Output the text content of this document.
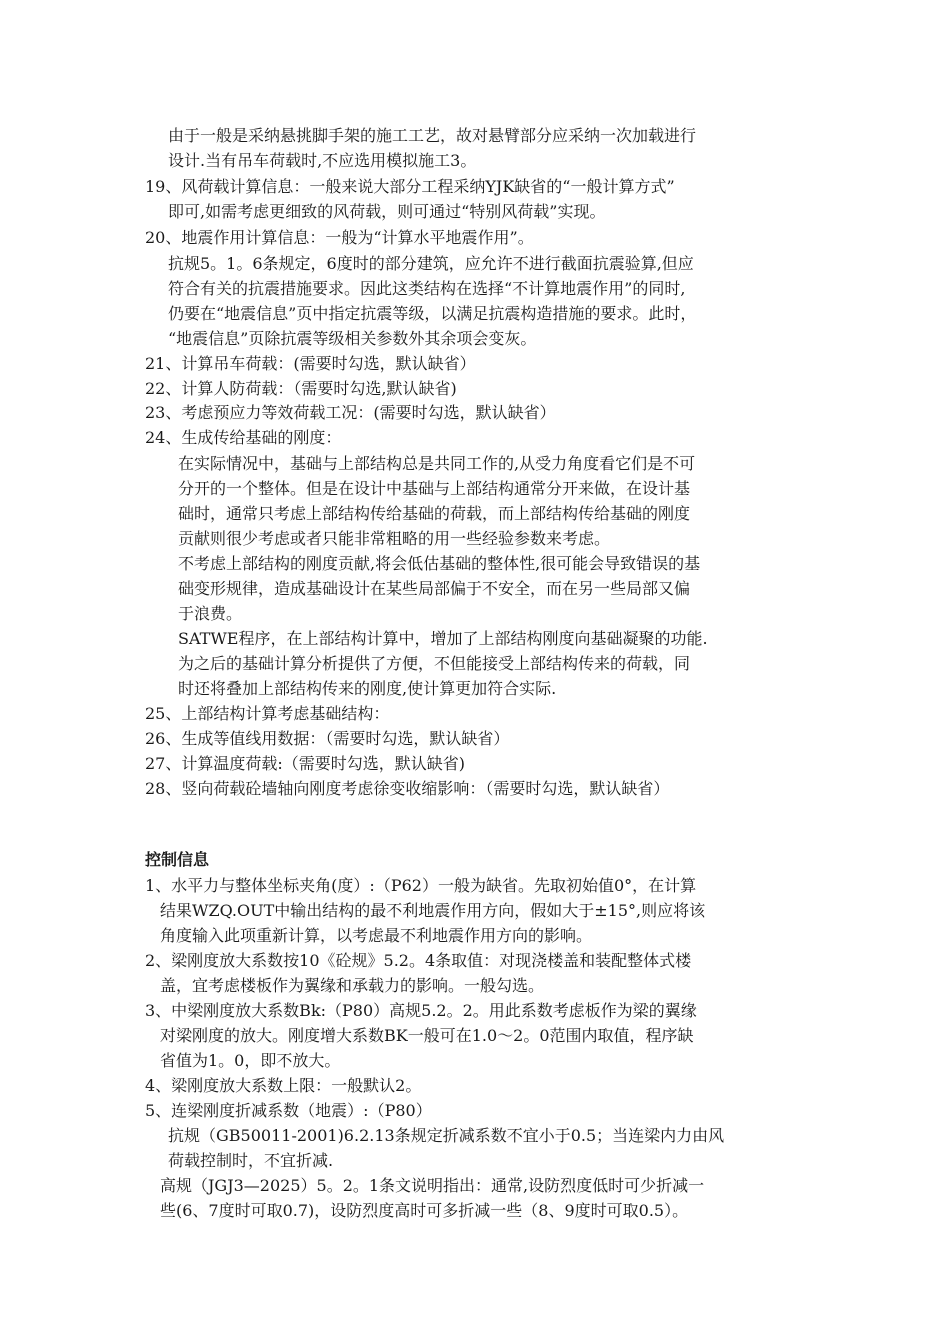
由于一般是采纳悬挑脚手架的施工工艺，故对悬臂部分应采纳一次加载进行
设计.当有吊车荷载时,不应选用模拟施工3。
19、风荷载计算信息：一般来说大部分工程采纳YJK缺省的“一般计算方式”
即可,如需考虑更细致的风荷载，则可通过“特别风荷载”实现。
20、地震作用计算信息：一般为“计算水平地震作用”。
抗规5。1。6条规定，6度时的部分建筑，应允许不进行截面抗震验算,但应
符合有关的抗震措施要求。因此这类结构在选择“不计算地震作用”的同时,
仍要在“地震信息”页中指定抗震等级，以满足抗震构造措施的要求。此时，
“地震信息”页除抗震等级相关参数外其余项会变灰。
21、计算吊车荷载：(需要时勾选，默认缺省）
22、计算人防荷载：（需要时勾选,默认缺省)
23、考虑预应力等效荷载工况：(需要时勾选，默认缺省）
24、生成传给基础的刚度：
在实际情况中，基础与上部结构总是共同工作的,从受力角度看它们是不可
分开的一个整体。但是在设计中基础与上部结构通常分开来做，在设计基
础时，通常只考虑上部结构传给基础的荷载，而上部结构传给基础的刚度
贡献则很少考虑或者只能非常粗略的用一些经验参数来考虑。
不考虑上部结构的刚度贡献,将会低估基础的整体性,很可能会导致错误的基
础变形规律，造成基础设计在某些局部偏于不安全，而在另一些局部又偏
于浪费。
SATWE程序，在上部结构计算中，增加了上部结构刚度向基础凝聚的功能.
为之后的基础计算分析提供了方便，不但能接受上部结构传来的荷载，同
时还将叠加上部结构传来的刚度,使计算更加符合实际.
25、上部结构计算考虑基础结构：
26、生成等值线用数据：（需要时勾选，默认缺省）
27、计算温度荷载:（需要时勾选，默认缺省)
28、竖向荷载砼墙轴向刚度考虑徐变收缩影响：（需要时勾选，默认缺省）
控制信息
1、水平力与整体坐标夹角(度）:（P62）一般为缺省。先取初始值0°，在计算
结果WZQ.OUT中输出结构的最不利地震作用方向，假如大于±15°,则应将该
角度输入此项重新计算，以考虑最不利地震作用方向的影响。
2、梁刚度放大系数按10《砼规》5.2。4条取值：对现浇楼盖和装配整体式楼
盖，宜考虑楼板作为翼缘和承载力的影响。一般勾选。
3、中梁刚度放大系数Bk:（P80）高规5.2。2。用此系数考虑板作为梁的翼缘
对梁刚度的放大。刚度增大系数BK一般可在1.0～2。0范围内取值，程序缺
省值为1。0，即不放大。
4、梁刚度放大系数上限：一般默认2。
5、连梁刚度折减系数（地震）:（P80）
抗规（GB50011-2001)6.2.13条规定折减系数不宜小于0.5；当连梁内力由风
荷载控制时，不宜折减.
高规（JGJ3—2025）5。2。1条文说明指出：通常,设防烈度低时可少折减一
些(6、7度时可取0.7)，设防烈度高时可多折减一些（8、9度时可取0.5）。
